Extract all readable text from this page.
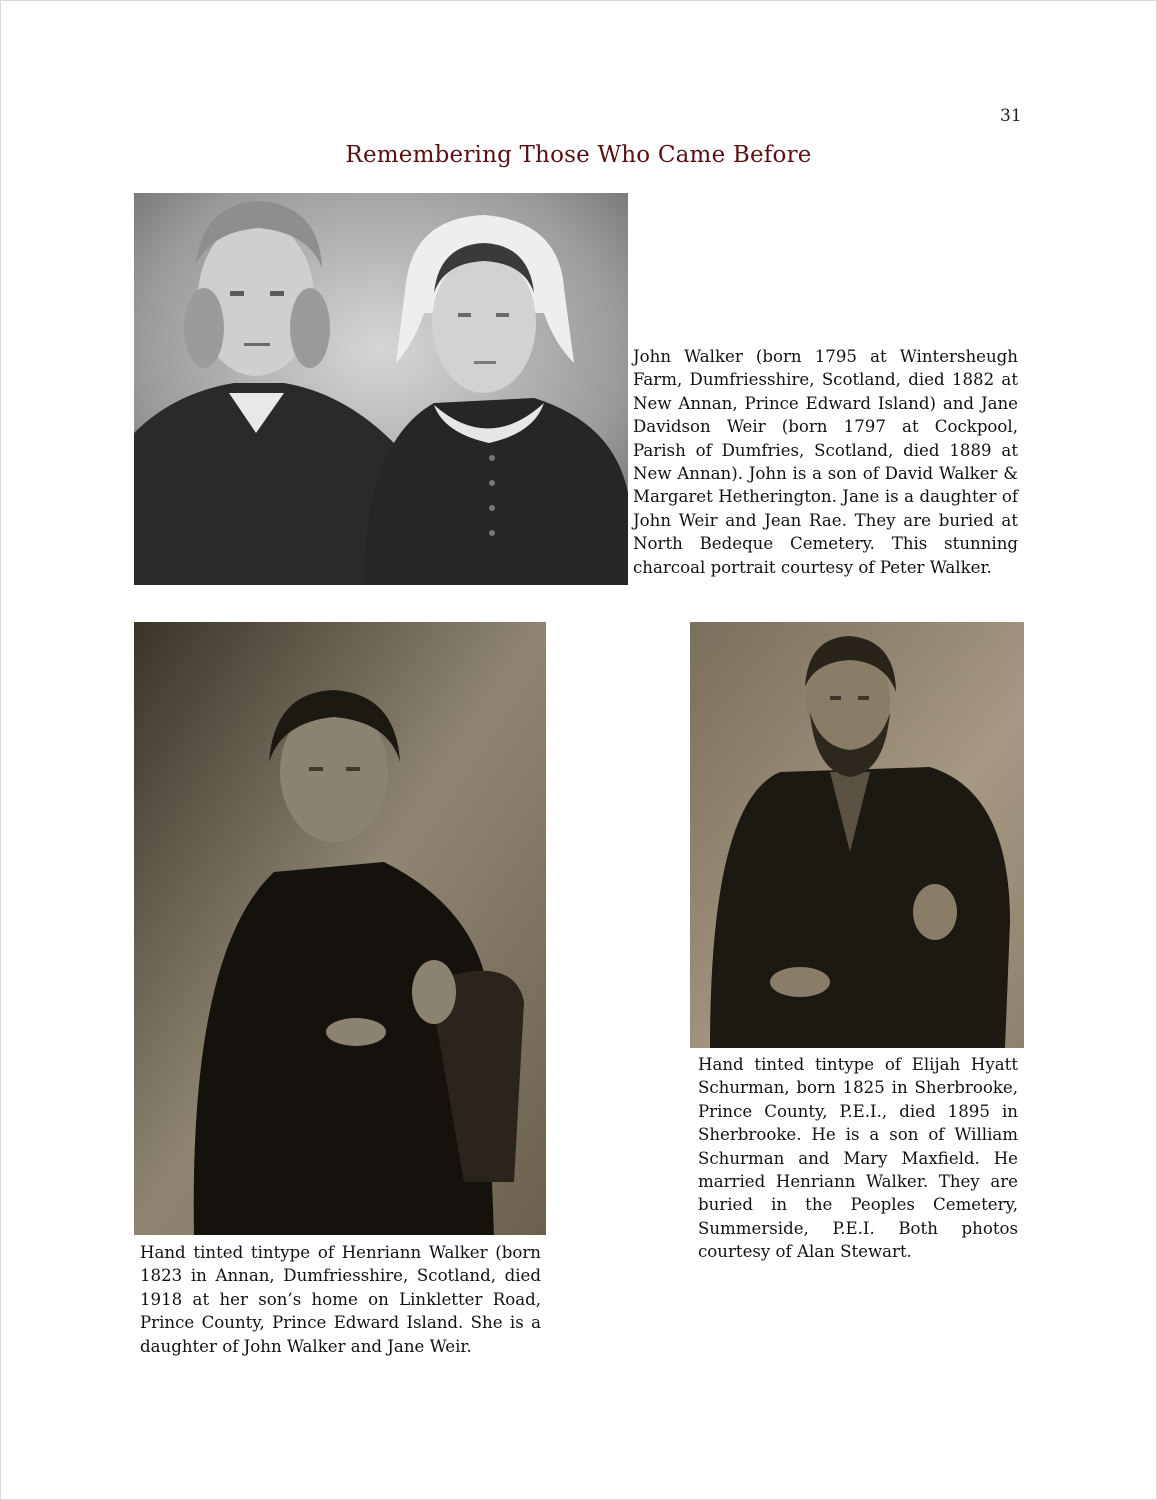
31
Remembering Those Who Came Before
John Walker (born 1795 at Wintersheugh Farm, Dumfriesshire, Scotland, died 1882 at New Annan, Prince Edward Island) and Jane Davidson Weir (born 1797 at Cockpool, Parish of Dumfries, Scotland, died 1889 at New Annan). John is a son of David Walker & Margaret Hetherington. Jane is a daughter of John Weir and Jean Rae. They are buried at North Bedeque Cemetery. This stunning charcoal portrait courtesy of Peter Walker.
Hand tinted tintype of Henriann Walker (born 1823 in Annan, Dumfriesshire, Scotland, died 1918 at her son’s home on Linkletter Road, Prince County, Prince Edward Island. She is a daughter of John Walker and Jane Weir.
Hand tinted tintype of Elijah Hyatt Schurman, born 1825 in Sherbrooke, Prince County, P.E.I., died 1895 in Sherbrooke. He is a son of William Schurman and Mary Maxfield. He married Henriann Walker. They are buried in the Peoples Cemetery, Summerside, P.E.I. Both photos courtesy of Alan Stewart.
